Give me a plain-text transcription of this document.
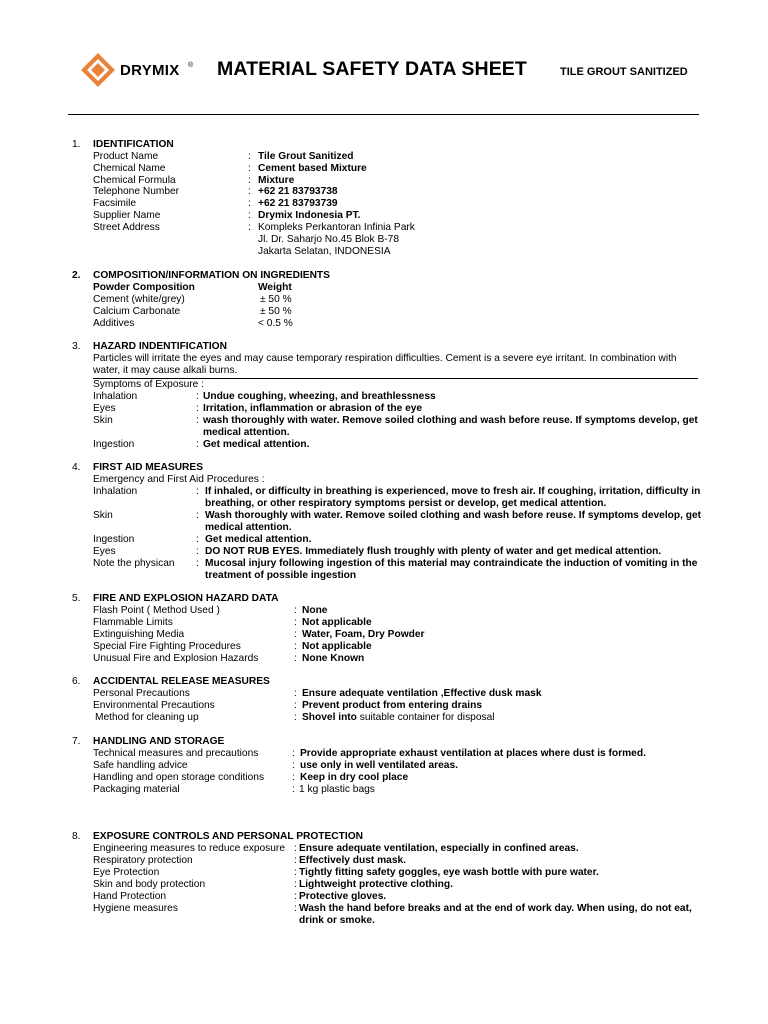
DRYMIX ® MATERIAL SAFETY DATA SHEET	TILE GROUT SANITIZED
1. IDENTIFICATION
Product Name	: Tile Grout Sanitized
Chemical Name	: Cement based Mixture
Chemical Formula	: Mixture
Telephone Number	: +62 21 83793738
Facsimile	: +62 21 83793739
Supplier Name	: Drymix Indonesia PT.
Street Address	: Kompleks Perkantoran Infinia Park
Jl. Dr. Saharjo No.45 Blok B-78
Jakarta Selatan, INDONESIA
2. COMPOSITION/INFORMATION ON INGREDIENTS
Powder Composition	Weight
Cement (white/grey)	± 50 %
Calcium Carbonate	± 50 %
Additives	< 0.5 %
3. HAZARD INDENTIFICATION
Particles will irritate the eyes and may cause temporary respiration difficulties. Cement is a severe eye irritant. In combination with
water, it may cause alkali burns.
Symptoms of Exposure :
Inhalation	: Undue coughing, wheezing, and breathlessness
Eyes	: Irritation, inflammation or abrasion of the eye
Skin	: wash thoroughly with water. Remove soiled clothing and wash before reuse. If symptoms develop, get
medical attention.
Ingestion	: Get medical attention.
4. FIRST AID MEASURES
Emergency and First Aid Procedures :
Inhalation	: If inhaled, or difficulty in breathing is experienced, move to fresh air. If coughing, irritation, difficulty in
breathing, or other respiratory symptoms persist or develop, get medical attention.
Skin	: Wash thoroughly with water. Remove soiled clothing and wash before reuse. If symptoms develop, get
medical attention.
Ingestion	: Get medical attention.
Eyes	: DO NOT RUB EYES. Immediately flush troughly with plenty of water and get medical attention.
Note the physican : Mucosal injury following ingestion of this material may contraindicate the induction of vomiting in the
treatment of possible ingestion
5. FIRE AND EXPLOSION HAZARD DATA
Flash Point ( Method Used )	: None
Flammable Limits	: Not applicable
Extinguishing Media	: Water, Foam, Dry Powder
Special Fire Fighting Procedures	: Not applicable
Unusual Fire and Explosion Hazards	: None Known
6. ACCIDENTAL RELEASE MEASURES
Personal Precautions	: Ensure adequate ventilation ,Effective dusk mask
Environmental Precautions	: Prevent product from entering drains
Method for cleaning up	: Shovel into suitable container for disposal
7. HANDLING AND STORAGE
Technical measures and precautions	: Provide appropriate exhaust ventilation at places where dust is formed.
Safe handling advice	: use only in well ventilated areas.
Handling and open storage conditions	: Keep in dry cool place
Packaging material	: 1 kg plastic bags
8. EXPOSURE CONTROLS AND PERSONAL PROTECTION
Engineering measures to reduce exposure : Ensure adequate ventilation, especially in confined areas.
Respiratory protection	: Effectively dust mask.
Eye Protection	: Tightly fitting safety goggles, eye wash bottle with pure water.
Skin and body protection	: Lightweight protective clothing.
Hand Protection	: Protective gloves.
Hygiene measures	: Wash the hand before breaks and at the end of work day. When using, do not eat,
drink or smoke.
